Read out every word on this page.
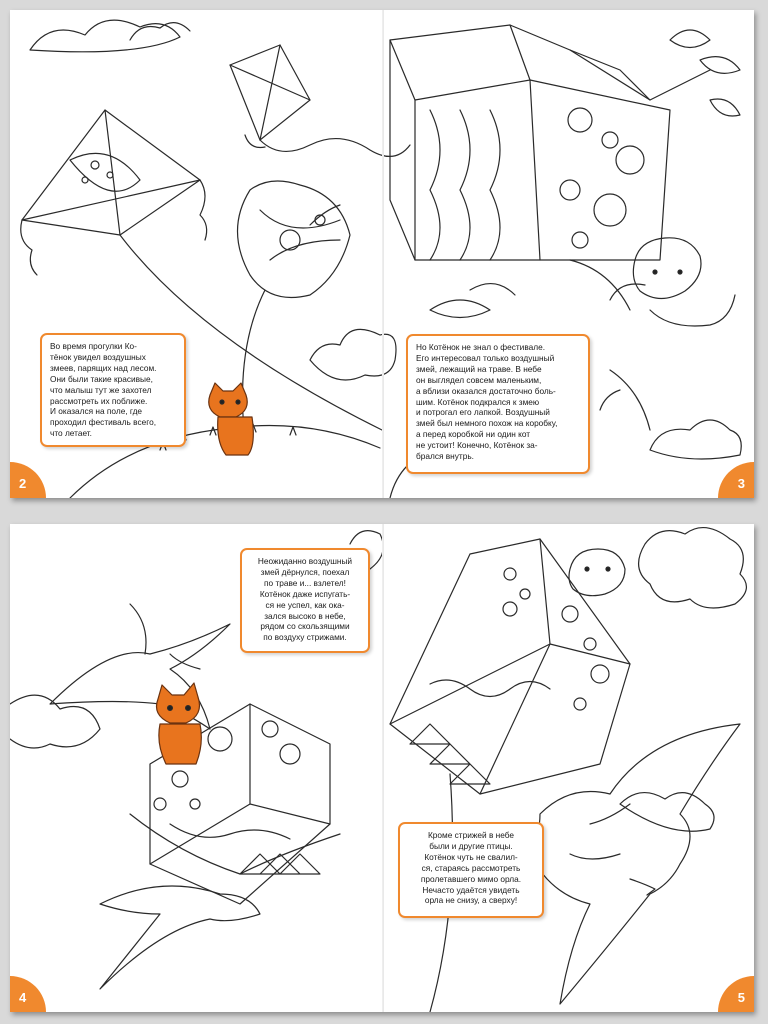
Во время прогулки Ко-
тёнок увидел воздушных
змеев, парящих над лесом.
Они были такие красивые,
что малыш тут же захотел
рассмотреть их поближе.
И оказался на поле, где
проходил фестиваль всего,
что летает.
Но Котёнок не знал о фестивале.
Его интересовал только воздушный
змей, лежащий на траве. В небе
он выглядел совсем маленьким,
а вблизи оказался достаточно боль-
шим. Котёнок подкрался к змею
и потрогал его лапкой. Воздушный
змей был немного похож на коробку,
а перед коробкой ни один кот
не устоит! Конечно, Котёнок за-
брался внутрь.
2	3
Неожиданно воздушный
змей дёрнулся, поехал
по траве и... взлетел!
Котёнок даже испугать-
ся не успел, как ока-
зался высоко в небе,
рядом со скользящими
по воздуху стрижами.
Кроме стрижей в небе
были и другие птицы.
Котёнок чуть не свалил-
ся, стараясь рассмотреть
пролетавшего мимо орла.
Нечасто удаётся увидеть
орла не снизу, а сверху!
4	5
